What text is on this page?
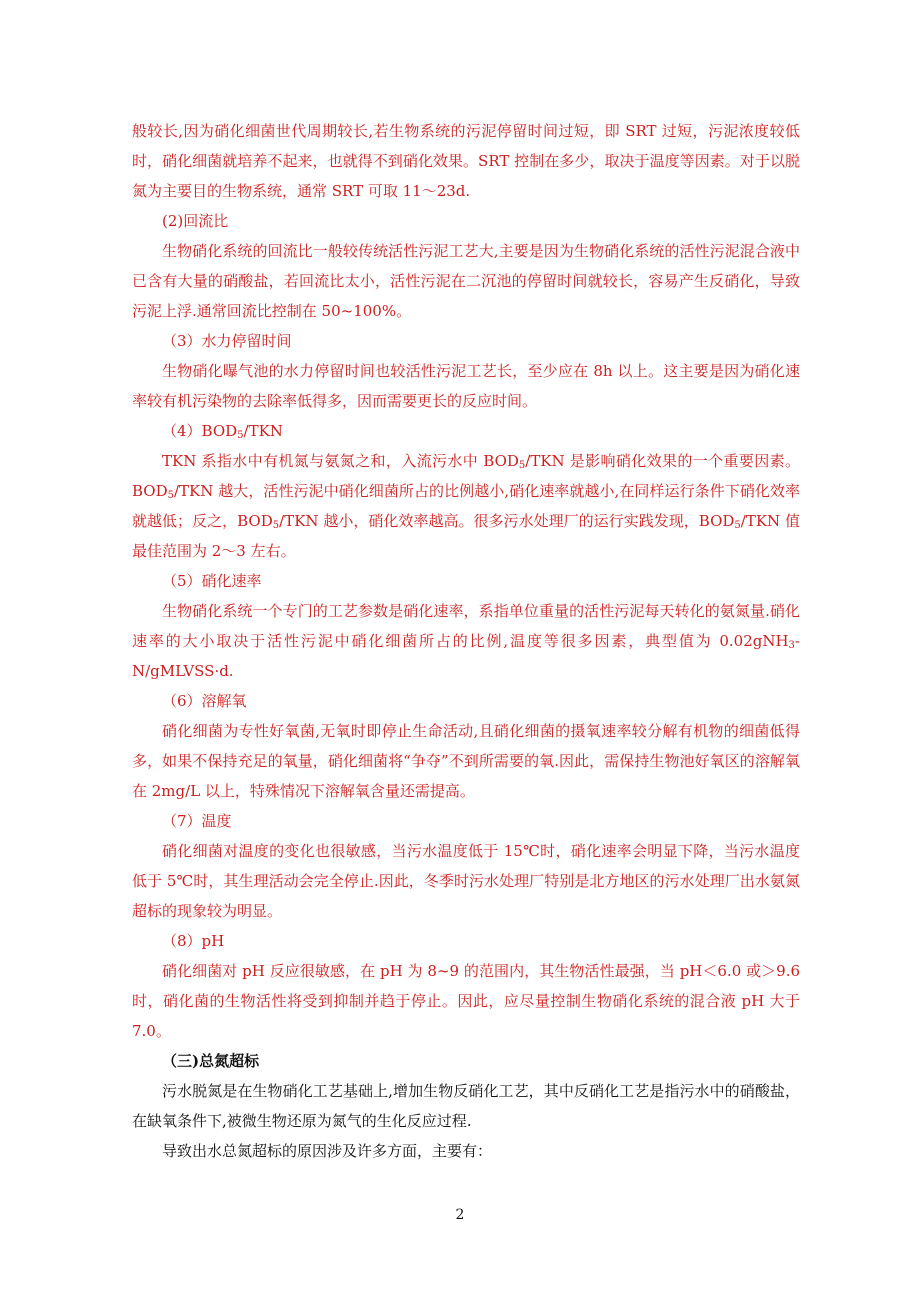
般较长,因为硝化细菌世代周期较长,若生物系统的污泥停留时间过短，即 SRT 过短，污泥浓度较低时，硝化细菌就培养不起来，也就得不到硝化效果。SRT 控制在多少，取决于温度等因素。对于以脱氮为主要目的生物系统，通常 SRT 可取 11～23d.

(2)回流比

生物硝化系统的回流比一般较传统活性污泥工艺大,主要是因为生物硝化系统的活性污泥混合液中已含有大量的硝酸盐，若回流比太小，活性污泥在二沉池的停留时间就较长，容易产生反硝化，导致污泥上浮.通常回流比控制在 50~100%。

（3）水力停留时间

生物硝化曝气池的水力停留时间也较活性污泥工艺长，至少应在 8h 以上。这主要是因为硝化速率较有机污染物的去除率低得多，因而需要更长的反应时间。

$(4)BOD_5$/TKN

TKN 系指水中有机氮与氨氮之和，入流污水中 $BOD_5$/TKN 是影响硝化效果的一个重要因素。$BOD_5$/TKN 越大，活性污泥中硝化细菌所占的比例越小,硝化速率就越小,在同样运行条件下硝化效率就越低；反之，$BOD_5$/TKN 越小，硝化效率越高。很多污水处理厂的运行实践发现，$BOD_5$/TKN 值最佳范围为 2～3 左右。

（5）硝化速率

生物硝化系统一个专门的工艺参数是硝化速率，系指单位重量的活性污泥每天转化的氨氮量.硝化速率的大小取决于活性污泥中硝化细菌所占的比例,温度等很多因素，典型值为 0.02gNH$_3$-N/gMLVSS·d.

（6）溶解氧

硝化细菌为专性好氧菌,无氧时即停止生命活动,且硝化细菌的摄氧速率较分解有机物的细菌低得多，如果不保持充足的氧量，硝化细菌将“争夺”不到所需要的氧.因此，需保持生物池好氧区的溶解氧在 2mg/L 以上，特殊情况下溶解氧含量还需提高。

（7）温度

硝化细菌对温度的变化也很敏感，当污水温度低于 15℃时，硝化速率会明显下降，当污水温度低于 5℃时，其生理活动会完全停止.因此，冬季时污水处理厂特别是北方地区的污水处理厂出水氨氮超标的现象较为明显。

（8）pH

硝化细菌对 pH 反应很敏感，在 pH 为 8~9 的范围内，其生物活性最强，当 pH＜6.0 或＞9.6 时，硝化菌的生物活性将受到抑制并趋于停止。因此，应尽量控制生物硝化系统的混合液 pH 大于 7.0。

（三)总氮超标

污水脱氮是在生物硝化工艺基础上,增加生物反硝化工艺，其中反硝化工艺是指污水中的硝酸盐，在缺氧条件下,被微生物还原为氮气的生化反应过程.

导致出水总氮超标的原因涉及许多方面，主要有：

2
